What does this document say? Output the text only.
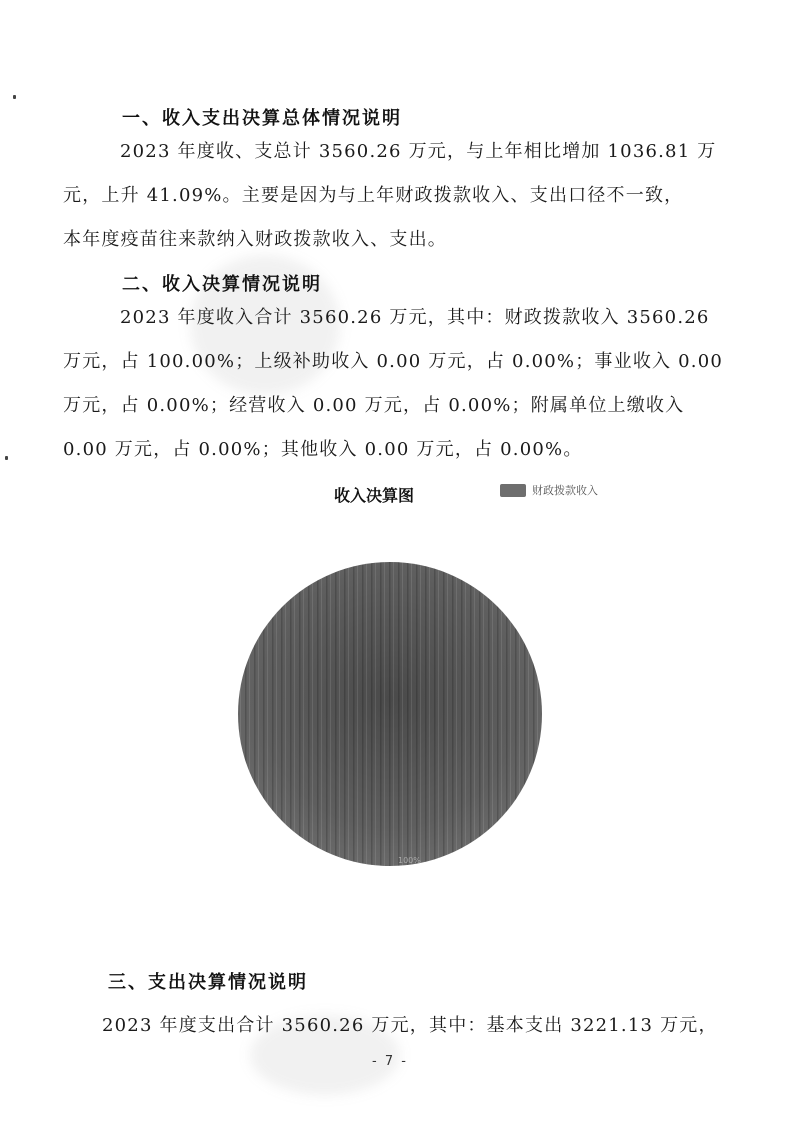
一、收入支出决算总体情况说明
2023 年度收、支总计 3560.26 万元，与上年相比增加 1036.81 万
元，上升 41.09%。主要是因为与上年财政拨款收入、支出口径不一致，
本年度疫苗往来款纳入财政拨款收入、支出。
二、收入决算情况说明
2023 年度收入合计 3560.26 万元，其中：财政拨款收入 3560.26
万元，占 100.00%；上级补助收入 0.00 万元，占 0.00%；事业收入 0.00
万元，占 0.00%；经营收入 0.00 万元，占 0.00%；附属单位上缴收入
0.00 万元，占 0.00%；其他收入 0.00 万元，占 0.00%。
收入决算图	财政拨款收入
100%
三、支出决算情况说明
2023 年度支出合计 3560.26 万元，其中：基本支出 3221.13 万元，
- 7 -
